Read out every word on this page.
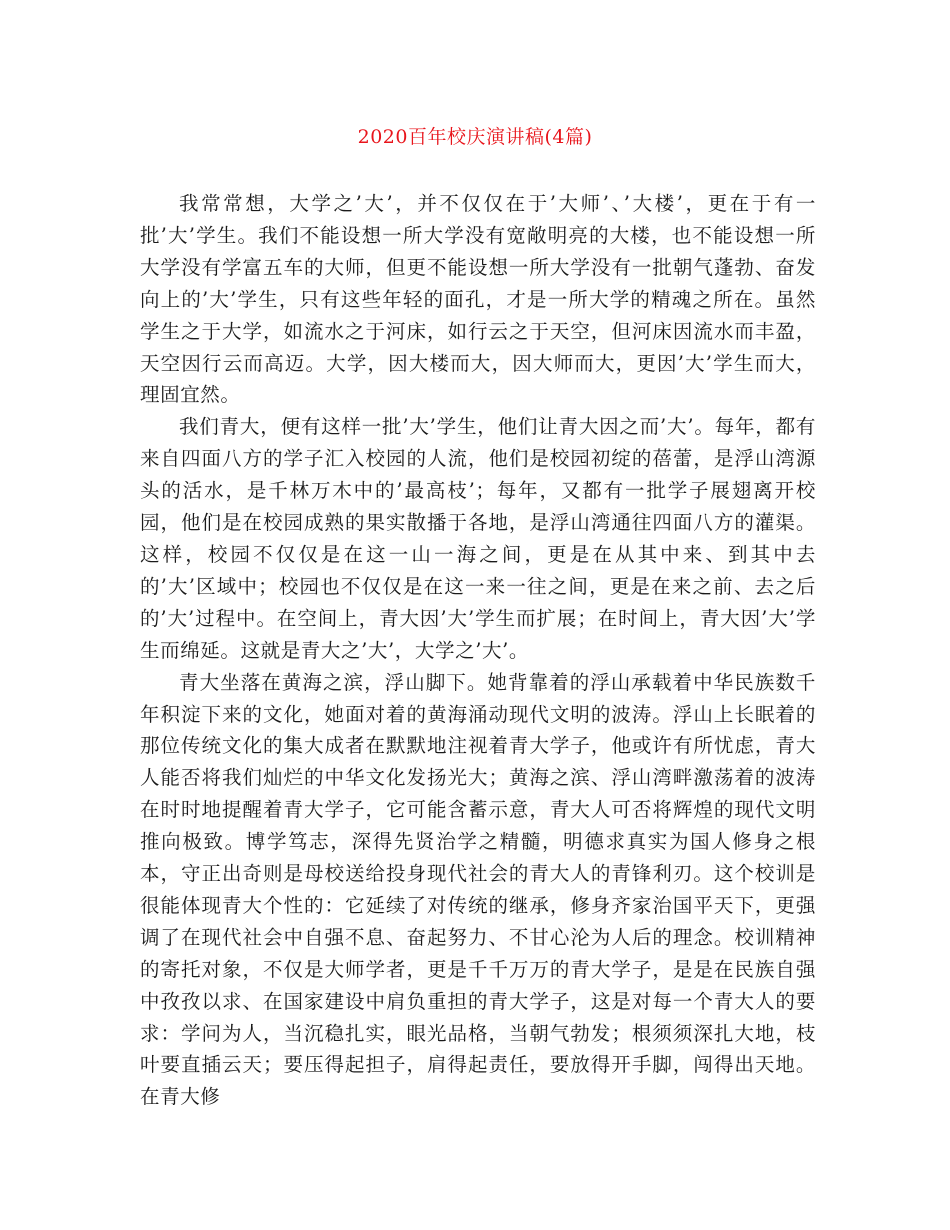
2020百年校庆演讲稿(4篇)

我常常想，大学之’大’，并不仅仅在于’大师’、’大楼’，更在于有一批’大’学生。我们不能设想一所大学没有宽敞明亮的大楼，也不能设想一所大学没有学富五车的大师，但更不能设想一所大学没有一批朝气蓬勃、奋发向上的’大’学生，只有这些年轻的面孔，才是一所大学的精魂之所在。虽然学生之于大学，如流水之于河床，如行云之于天空，但河床因流水而丰盈，天空因行云而高迈。大学，因大楼而大，因大师而大，更因’大’学生而大，理固宜然。

我们青大，便有这样一批’大’学生，他们让青大因之而’大’。每年，都有来自四面八方的学子汇入校园的人流，他们是校园初绽的蓓蕾，是浮山湾源头的活水，是千林万木中的’最高枝’；每年，又都有一批学子展翅离开校园，他们是在校园成熟的果实散播于各地，是浮山湾通往四面八方的灌渠。这样，校园不仅仅是在这一山一海之间，更是在从其中来、到其中去的’大’区域中；校园也不仅仅是在这一来一往之间，更是在来之前、去之后的’大’过程中。在空间上，青大因’大’学生而扩展；在时间上，青大因’大’学生而绵延。这就是青大之’大’，大学之’大’。

青大坐落在黄海之滨，浮山脚下。她背靠着的浮山承载着中华民族数千年积淀下来的文化，她面对着的黄海涌动现代文明的波涛。浮山上长眠着的那位传统文化的集大成者在默默地注视着青大学子，他或许有所忧虑，青大人能否将我们灿烂的中华文化发扬光大；黄海之滨、浮山湾畔激荡着的波涛在时时地提醒着青大学子，它可能含蓄示意，青大人可否将辉煌的现代文明推向极致。博学笃志，深得先贤治学之精髓，明德求真实为国人修身之根本，守正出奇则是母校送给投身现代社会的青大人的青锋利刃。这个校训是很能体现青大个性的：它延续了对传统的继承，修身齐家治国平天下，更强调了在现代社会中自强不息、奋起努力、不甘心沦为人后的理念。校训精神的寄托对象，不仅是大师学者，更是千千万万的青大学子，是是在民族自强中孜孜以求、在国家建设中肩负重担的青大学子，这是对每一个青大人的要求：学问为人，当沉稳扎实，眼光品格，当朝气勃发；根须须深扎大地，枝叶要直插云天；要压得起担子，肩得起责任，要放得开手脚，闯得出天地。在青大修
